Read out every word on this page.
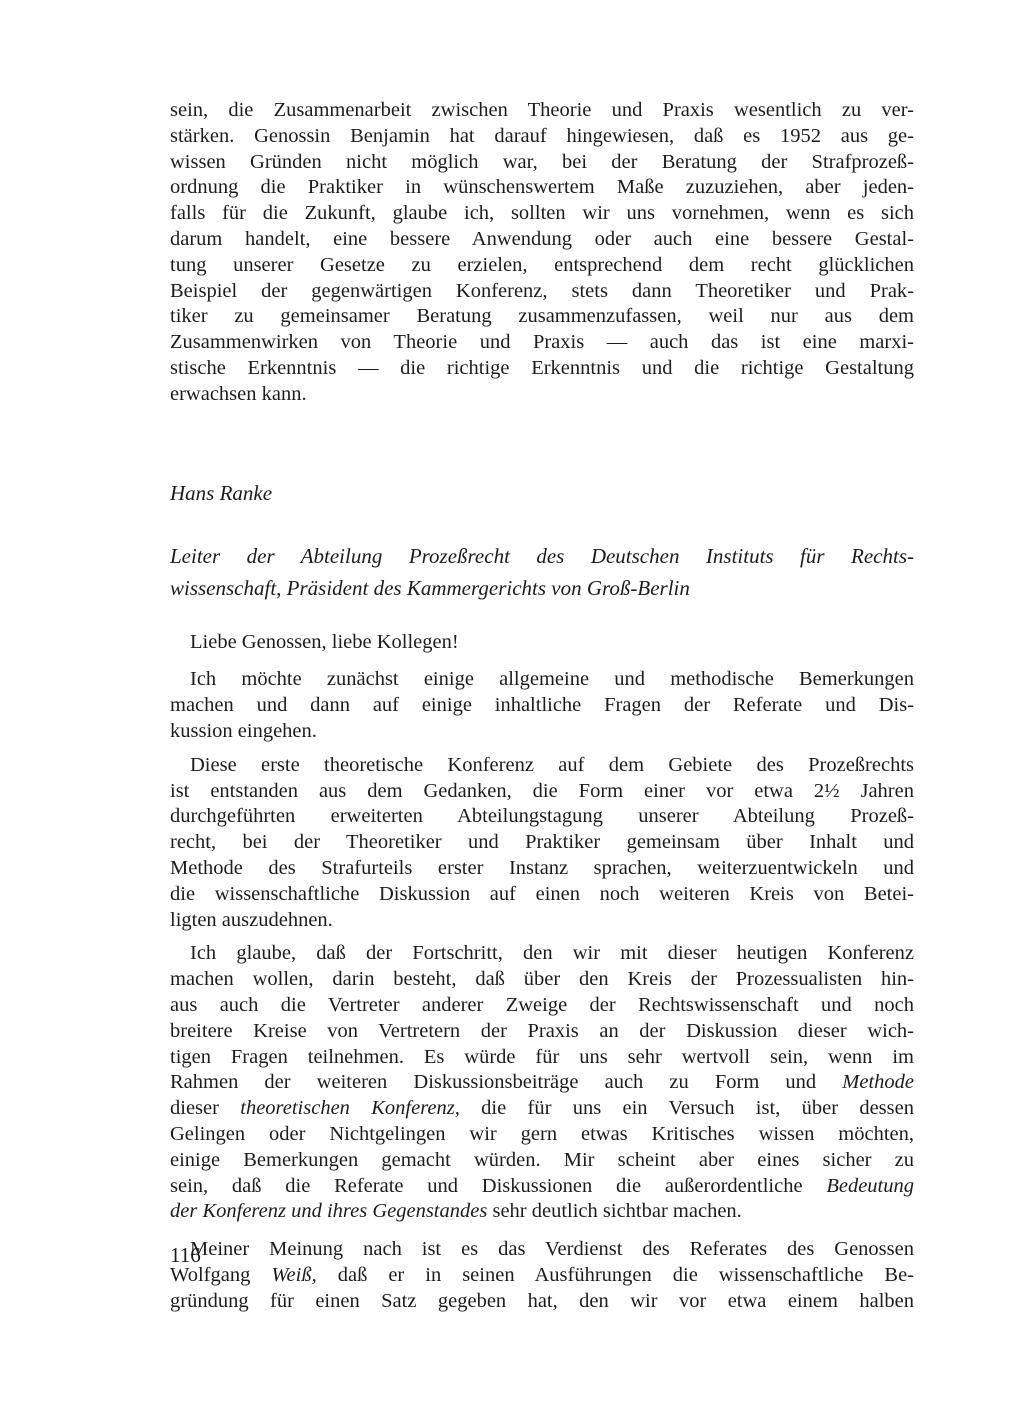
sein, die Zusammenarbeit zwischen Theorie und Praxis wesentlich zu ver-
stärken. Genossin Benjamin hat darauf hingewiesen, daß es 1952 aus ge-
wissen Gründen nicht möglich war, bei der Beratung der Strafprozeß-
ordnung die Praktiker in wünschenswertem Maße zuzuziehen, aber jeden-
falls für die Zukunft, glaube ich, sollten wir uns vornehmen, wenn es sich
darum handelt, eine bessere Anwendung oder auch eine bessere Gestal-
tung unserer Gesetze zu erzielen, entsprechend dem recht glücklichen
Beispiel der gegenwärtigen Konferenz, stets dann Theoretiker und Prak-
tiker zu gemeinsamer Beratung zusammenzufassen, weil nur aus dem
Zusammenwirken von Theorie und Praxis — auch das ist eine marxi-
stische Erkenntnis — die richtige Erkenntnis und die richtige Gestaltung
erwachsen kann.
Hans Ranke
Leiter der Abteilung Prozeßrecht des Deutschen Instituts für Rechts-
wissenschaft, Präsident des Kammergerichts von Groß-Berlin
Liebe Genossen, liebe Kollegen!
Ich möchte zunächst einige allgemeine und methodische Bemerkungen
machen und dann auf einige inhaltliche Fragen der Referate und Dis-
kussion eingehen.
Diese erste theoretische Konferenz auf dem Gebiete des Prozeßrechts
ist entstanden aus dem Gedanken, die Form einer vor etwa 2½ Jahren
durchgeführten erweiterten Abteilungstagung unserer Abteilung Prozeß-
recht, bei der Theoretiker und Praktiker gemeinsam über Inhalt und
Methode des Strafurteils erster Instanz sprachen, weiterzuentwickeln und
die wissenschaftliche Diskussion auf einen noch weiteren Kreis von Betei-
ligten auszudehnen.
Ich glaube, daß der Fortschritt, den wir mit dieser heutigen Konferenz
machen wollen, darin besteht, daß über den Kreis der Prozessualisten hin-
aus auch die Vertreter anderer Zweige der Rechtswissenschaft und noch
breitere Kreise von Vertretern der Praxis an der Diskussion dieser wich-
tigen Fragen teilnehmen. Es würde für uns sehr wertvoll sein, wenn im
Rahmen der weiteren Diskussionsbeiträge auch zu Form und Methode
dieser theoretischen Konferenz, die für uns ein Versuch ist, über dessen
Gelingen oder Nichtgelingen wir gern etwas Kritisches wissen möchten,
einige Bemerkungen gemacht würden. Mir scheint aber eines sicher zu
sein, daß die Referate und Diskussionen die außerordentliche Bedeutung
der Konferenz und ihres Gegenstandes sehr deutlich sichtbar machen.
Meiner Meinung nach ist es das Verdienst des Referates des Genossen
Wolfgang Weiß, daß er in seinen Ausführungen die wissenschaftliche Be-
gründung für einen Satz gegeben hat, den wir vor etwa einem halben
116
